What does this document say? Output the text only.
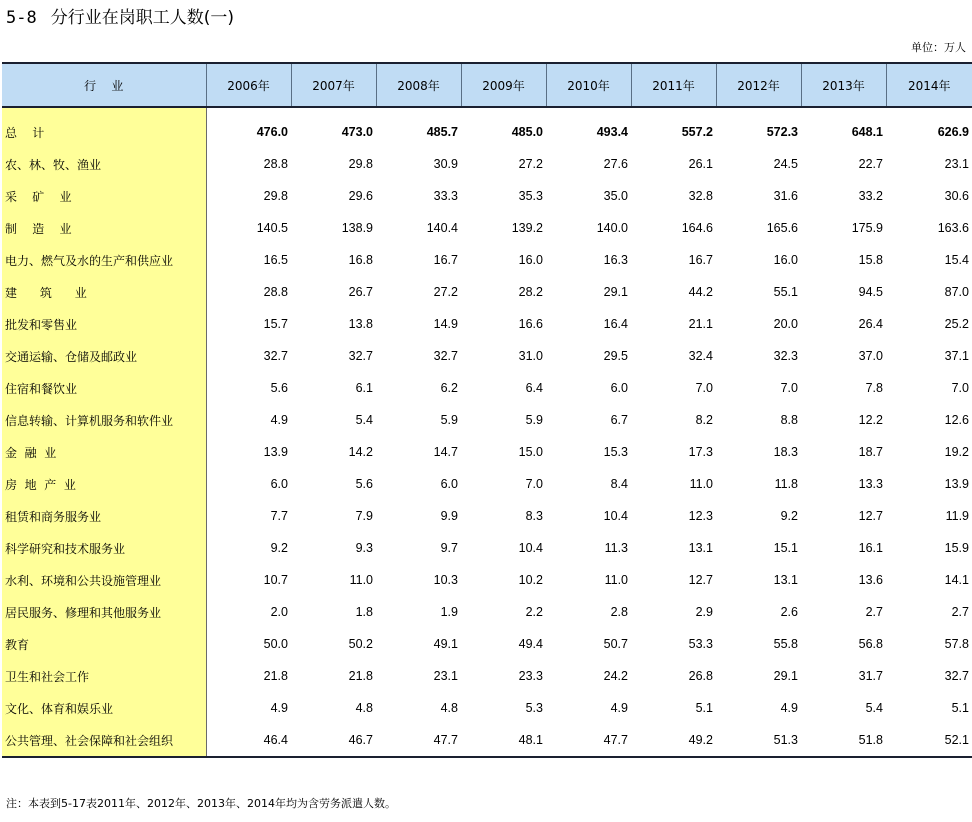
5-8 分行业在岗职工人数(一)
单位：万人
行    业	2006年	2007年	2008年	2009年	2010年	2011年	2012年	2013年	2014年
总    计	476.0	473.0	485.7	485.0	493.4	557.2	572.3	648.1	626.9
农、林、牧、渔业	28.8	29.8	30.9	27.2	27.6	26.1	24.5	22.7	23.1
采    矿    业	29.8	29.6	33.3	35.3	35.0	32.8	31.6	33.2	30.6
制    造    业	140.5	138.9	140.4	139.2	140.0	164.6	165.6	175.9	163.6
电力、燃气及水的生产和供应业	16.5	16.8	16.7	16.0	16.3	16.7	16.0	15.8	15.4
建      筑      业	28.8	26.7	27.2	28.2	29.1	44.2	55.1	94.5	87.0
批发和零售业	15.7	13.8	14.9	16.6	16.4	21.1	20.0	26.4	25.2
交通运输、仓储及邮政业	32.7	32.7	32.7	31.0	29.5	32.4	32.3	37.0	37.1
住宿和餐饮业	5.6	6.1	6.2	6.4	6.0	7.0	7.0	7.8	7.0
信息转输、计算机服务和软件业	4.9	5.4	5.9	5.9	6.7	8.2	8.8	12.2	12.6
金  融  业	13.9	14.2	14.7	15.0	15.3	17.3	18.3	18.7	19.2
房  地  产  业	6.0	5.6	6.0	7.0	8.4	11.0	11.8	13.3	13.9
租赁和商务服务业	7.7	7.9	9.9	8.3	10.4	12.3	9.2	12.7	11.9
科学研究和技术服务业	9.2	9.3	9.7	10.4	11.3	13.1	15.1	16.1	15.9
水利、环境和公共设施管理业	10.7	11.0	10.3	10.2	11.0	12.7	13.1	13.6	14.1
居民服务、修理和其他服务业	2.0	1.8	1.9	2.2	2.8	2.9	2.6	2.7	2.7
教育	50.0	50.2	49.1	49.4	50.7	53.3	55.8	56.8	57.8
卫生和社会工作	21.8	21.8	23.1	23.3	24.2	26.8	29.1	31.7	32.7
文化、体育和娱乐业	4.9	4.8	4.8	5.3	4.9	5.1	4.9	5.4	5.1
公共管理、社会保障和社会组织	46.4	46.7	47.7	48.1	47.7	49.2	51.3	51.8	52.1
注：本表到5-17表2011年、2012年、2013年、2014年均为含劳务派遣人数。
